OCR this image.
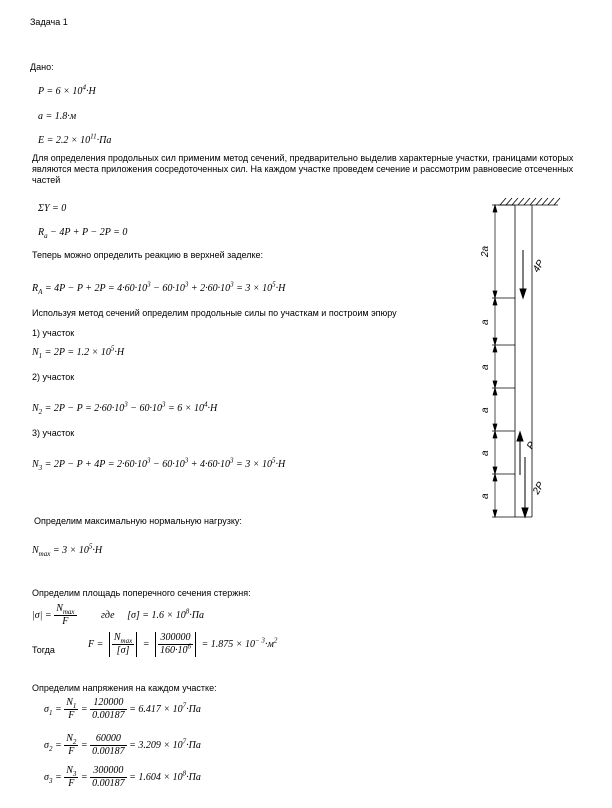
Задача 1
Дано:
$P = 6 \times 10^4\cdot Н$
a = 1.8·м
$E = 2.2 \times 10^{11}\cdot Па$
Для определения продольных сил применим метод сечений, предварительно выделив характерные участки, границами которых являются места приложения сосредоточенных сил. На каждом участке проведем сечение и рассмотрим равновесие отсеченных частей
ΣY = 0
$R_a - 4P + P - 2P = 0$
Теперь можно определить реакцию в верхней заделке:
$R_A = 4P - P + 2P = 4\cdot 60\cdot 10^3 - 60\cdot 10^3 + 2\cdot 60\cdot 10^3 = 3 \times 10^5\cdot Н$
Используя метод сечений определим продольные силы по участкам и построим эпюру
1) участок
$N_1 = 2P = 1.2 \times 10^5\cdot Н$
2) участок
$N_2 = 2P - P = 2\cdot 60\cdot 10^3 - 60\cdot 10^3 = 6 \times 10^4\cdot Н$
3) участок
$N_3 = 2P - P + 4P = 2\cdot 60\cdot 10^3 - 60\cdot 10^3 + 4\cdot 60\cdot 10^3 = 3 \times 10^5\cdot Н$
Определим максимальную нормальную нагрузку:
$N_{max} = 3 \times 10^5\cdot Н$
Определим площадь поперечного сечения стержня:
$|\sigma| = \frac{N_{max}}{F}$ где $[\sigma] = 1.6 \times 10^8\cdot Па$
Тогда
$F = \frac{N_{max}}{[\sigma]} = \frac{300000}{160\cdot 10^6} = 1.875 \times 10^{- 3}\cdot м^2$
Определим напряжения на каждом участке:
$\sigma_1 = \frac{N_1}{F} = \frac{120000}{0.00187} = 6.417 \times 10^7\cdot Па$
$\sigma_2 = \frac{N_2}{F} = \frac{60000}{0.00187} = 3.209 \times 10^7\cdot Па$
$\sigma_3 = \frac{N_3}{F} = \frac{300000}{0.00187} = 1.604 \times 10^8\cdot Па$
2a
a
a
a
a
a
4P
P
2P
